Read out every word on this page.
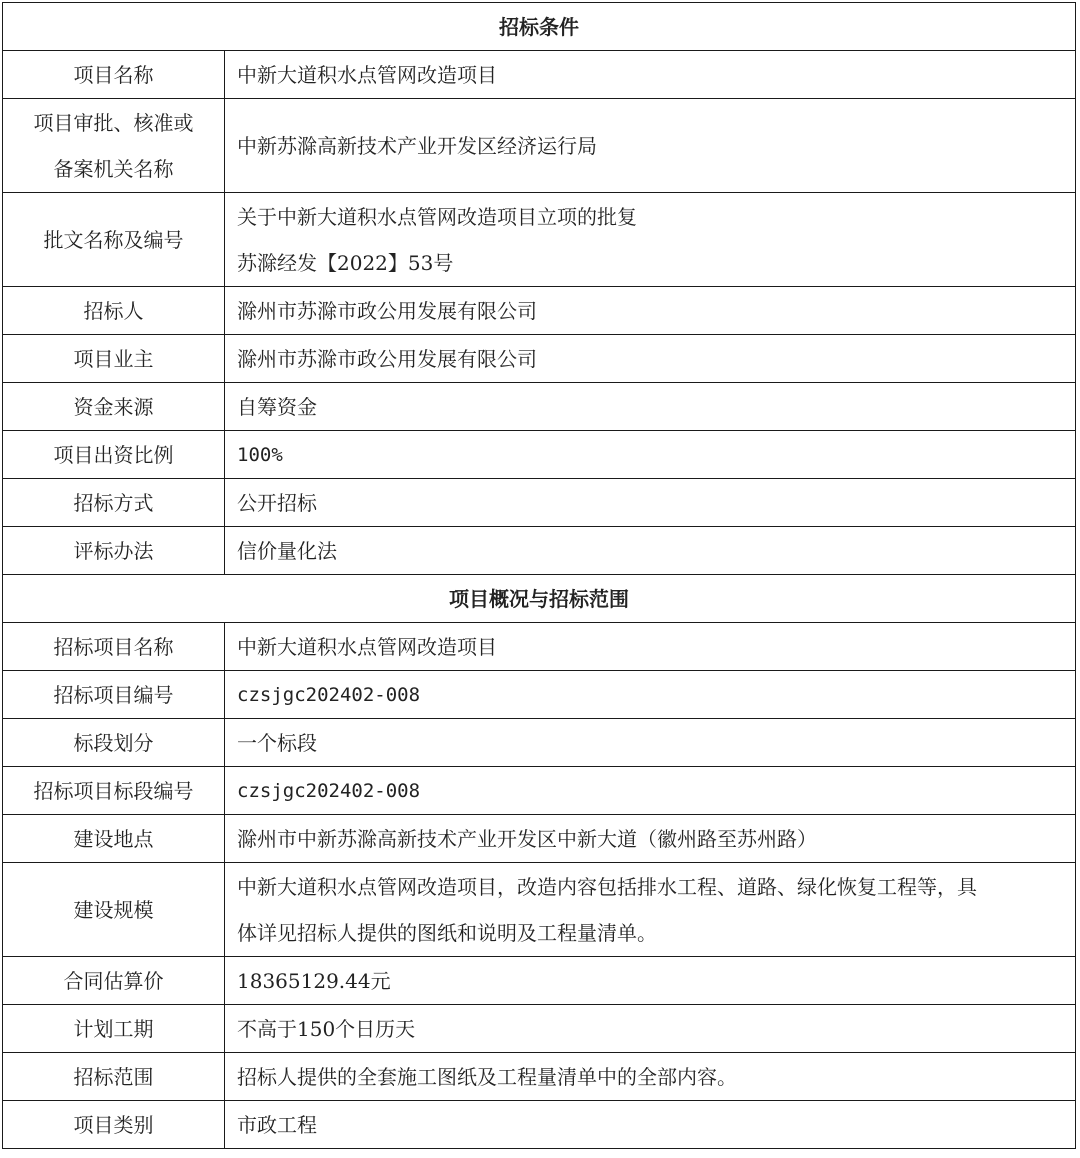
招标条件	
项目名称	中新大道积水点管网改造项目

项目审批、核准或
备案机关名称	中新苏滁高新技术产业开发区经济运行局
批文名称及编号	关于中新大道积水点管网改造项目立项的批复
苏滁经发【2022】53号

招标人	滁州市苏滁市政公用发展有限公司
项目业主	滁州市苏滁市政公用发展有限公司
资金来源	自筹资金
项目出资比例	100%
招标方式	公开招标
评标办法	信价量化法
项目概况与招标范围	
招标项目名称	中新大道积水点管网改造项目
招标项目编号	czsjgc202402-008
标段划分	一个标段
招标项目标段编号	czsjgc202402-008
建设地点	滁州市中新苏滁高新技术产业开发区中新大道（徽州路至苏州路）
建设规模	中新大道积水点管网改造项目，改造内容包括排水工程、道路、绿化恢复工程等，具
体详见招标人提供的图纸和说明及工程量清单。

合同估算价	18365129.44元
计划工期	不高于150个日历天
招标范围	招标人提供的全套施工图纸及工程量清单中的全部内容。
项目类别	市政工程
